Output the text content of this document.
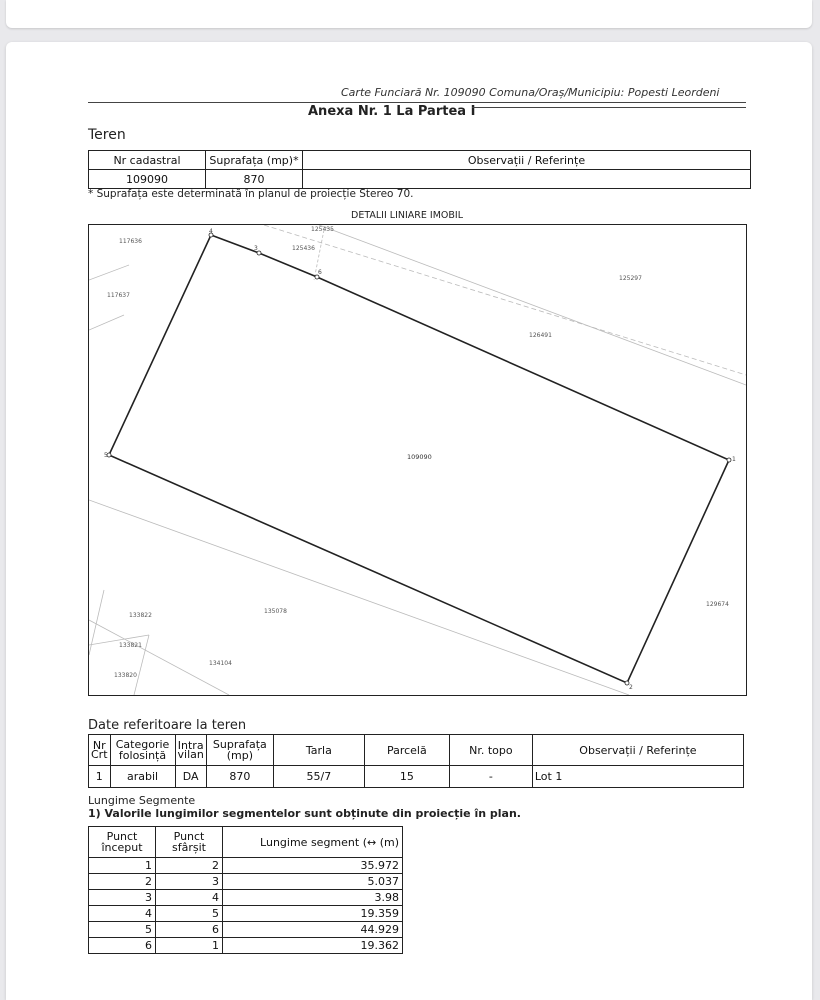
Carte Funciară Nr. 109090 Comuna/Oraș/Municipiu: Popesti Leordeni
Anexa Nr. 1 La Partea I
Teren
Nr cadastral	Suprafața (mp)*	Observații / Referințe
109090	870	
* Suprafața este determinată în planul de proiecție Stereo 70.
DETALII LINIARE IMOBIL
1
2
3
4
5
6
117636
117637
125435
125436
125297
126491
129674
133822
135078
133821
134104
133820
109090
Date referitoare la teren
Nr Crt	Categorie folosință	Intra vilan	Suprafața (mp)	Tarla	Parcelă	Nr. topo	Observații / Referințe
1	arabil	DA	870	55/7	15	-	Lot 1
Lungime Segmente
1) Valorile lungimilor segmentelor sunt obținute din proiecție în plan.
Punct început	Punct sfârșit	Lungime segment (↔ (m)
1	2	35.972
2	3	5.037
3	4	3.98
4	5	19.359
5	6	44.929
6	1	19.362
